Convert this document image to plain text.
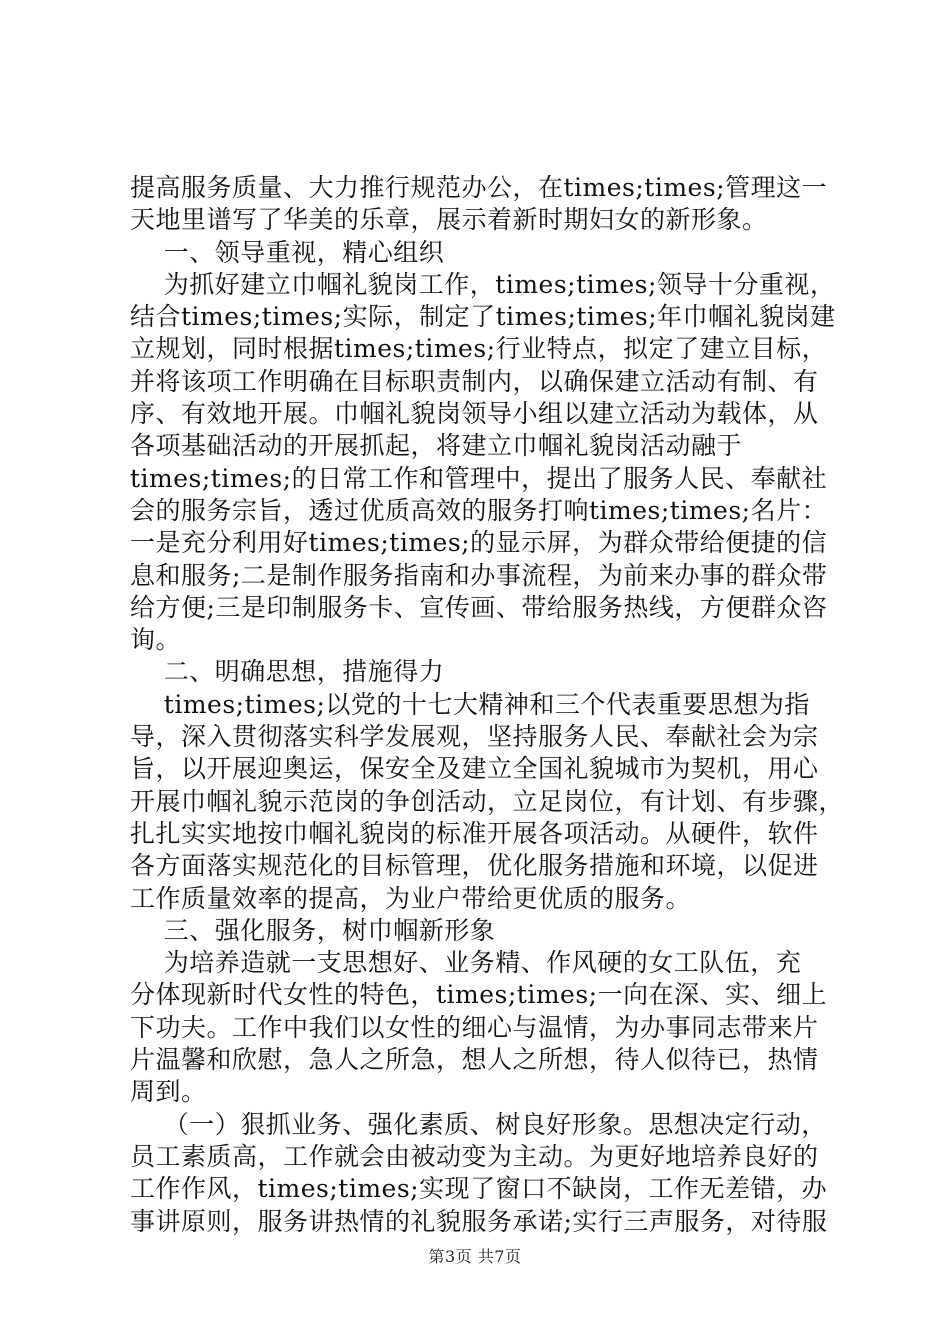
提高服务质量、大力推行规范办公，在times;times;管理这一
天地里谱写了华美的乐章，展示着新时期妇女的新形象。
一、领导重视，精心组织
为抓好建立巾帼礼貌岗工作，times;times;领导十分重视，
结合times;times;实际，制定了times;times;年巾帼礼貌岗建
立规划，同时根据times;times;行业特点，拟定了建立目标，
并将该项工作明确在目标职责制内，以确保建立活动有制、有
序、有效地开展。巾帼礼貌岗领导小组以建立活动为载体，从
各项基础活动的开展抓起，将建立巾帼礼貌岗活动融于
times;times;的日常工作和管理中，提出了服务人民、奉献社
会的服务宗旨，透过优质高效的服务打响times;times;名片：
一是充分利用好times;times;的显示屏，为群众带给便捷的信
息和服务;二是制作服务指南和办事流程，为前来办事的群众带
给方便;三是印制服务卡、宣传画、带给服务热线，方便群众咨
询。
二、明确思想，措施得力
times;times;以党的十七大精神和三个代表重要思想为指
导，深入贯彻落实科学发展观，坚持服务人民、奉献社会为宗
旨，以开展迎奥运，保安全及建立全国礼貌城市为契机，用心
开展巾帼礼貌示范岗的争创活动，立足岗位，有计划、有步骤，
扎扎实实地按巾帼礼貌岗的标准开展各项活动。从硬件，软件
各方面落实规范化的目标管理，优化服务措施和环境，以促进
工作质量效率的提高，为业户带给更优质的服务。
三、强化服务，树巾帼新形象
为培养造就一支思想好、业务精、作风硬的女工队伍，充
分体现新时代女性的特色，times;times;一向在深、实、细上
下功夫。工作中我们以女性的细心与温情，为办事同志带来片
片温馨和欣慰，急人之所急，想人之所想，待人似待已，热情
周到。
（一）狠抓业务、强化素质、树良好形象。思想决定行动，
员工素质高，工作就会由被动变为主动。为更好地培养良好的
工作作风，times;times;实现了窗口不缺岗，工作无差错，办
事讲原则，服务讲热情的礼貌服务承诺;实行三声服务，对待服
第3页 共7页
